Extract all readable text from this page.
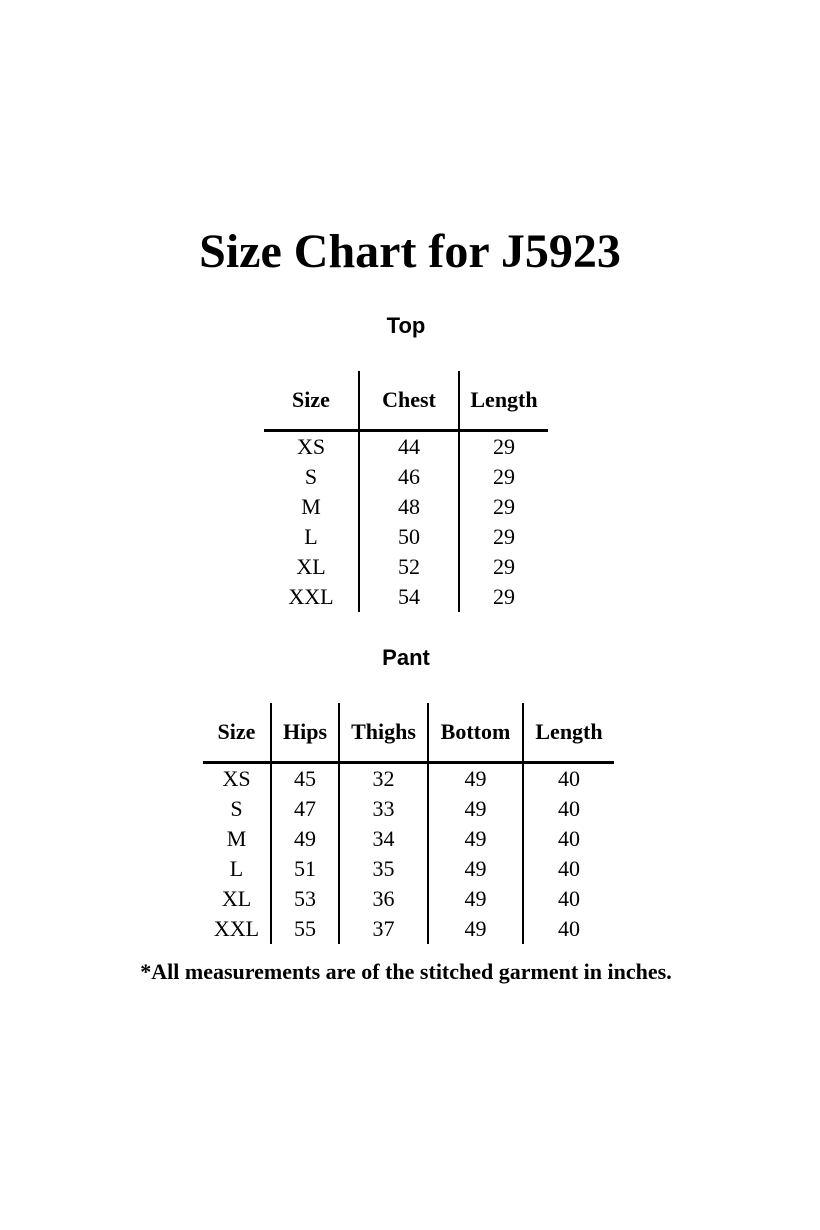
Size Chart for J5923
Top
Size	Chest	Length
XS	44	29
S	46	29
M	48	29
L	50	29
XL	52	29
XXL	54	29
Pant
Size	Hips	Thighs	Bottom	Length
XS	45	32	49	40
S	47	33	49	40
M	49	34	49	40
L	51	35	49	40
XL	53	36	49	40
XXL	55	37	49	40
*All measurements are of the stitched garment in inches.
